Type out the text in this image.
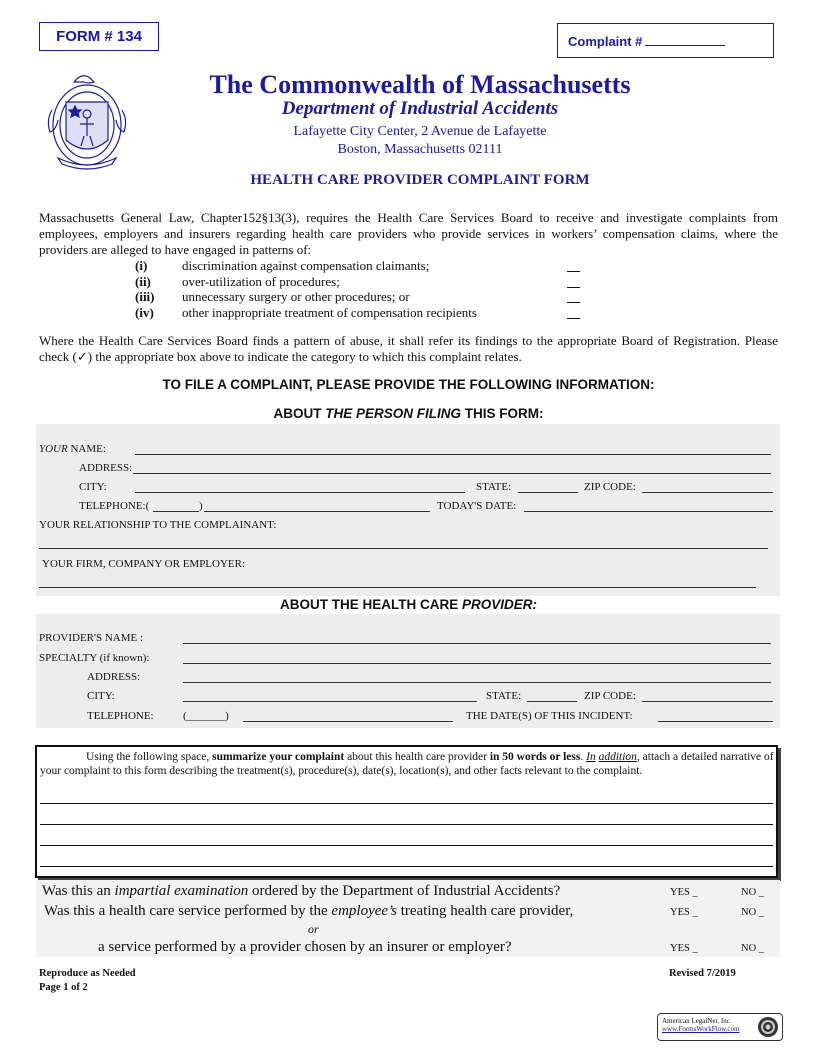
FORM # 134	Complaint #
The Commonwealth of Massachusetts
Department of Industrial Accidents
Lafayette City Center, 2 Avenue de Lafayette
Boston, Massachusetts 02111
HEALTH CARE PROVIDER COMPLAINT FORM
Massachusetts General Law, Chapter152§13(3), requires the Health Care Services Board to receive and investigate complaints from employees, employers and insurers regarding health care providers who provide services in workers’ compensation claims, where the providers are alleged to have engaged in patterns of:
(i)	discrimination against compensation claimants;
(ii) over-utilization of procedures;
(iii) unnecessary surgery or other procedures; or
(iv) other inappropriate treatment of compensation recipients
Where the Health Care Services Board finds a pattern of abuse, it shall refer its findings to the appropriate Board of Registration. Please check (✓) the appropriate box above to indicate the category to which this complaint relates.
TO FILE A COMPLAINT, PLEASE PROVIDE THE FOLLOWING INFORMATION:
ABOUT THE PERSON FILING THIS FORM:
YOUR NAME:
ADDRESS:
CITY:	STATE:	ZIP CODE:
TELEPHONE:(	)	TODAY'S DATE:
YOUR RELATIONSHIP TO THE COMPLAINANT:
YOUR FIRM, COMPANY OR EMPLOYER:
ABOUT THE HEALTH CARE PROVIDER:
PROVIDER'S NAME :
SPECIALTY (if known):
ADDRESS:
CITY:	STATE:	ZIP CODE:
TELEPHONE:	(_______)	THE DATE(S) OF THIS INCIDENT:
Using the following space, summarize your complaint about this health care provider in 50 words or less. In addition, attach a detailed narrative of your complaint to this form describing the treatment(s), procedure(s), date(s), location(s), and other facts relevant to the complaint.
Was this an impartial examination ordered by the Department of Industrial Accidents?	YES _	NO _
Was this a health care service performed by the employee’s treating health care provider,	YES _	NO _
or
a service performed by a provider chosen by an insurer or employer?	YES _	NO _
Reproduce as Needed
Page 1 of 2
Revised 7/2019
American LegalNet, Inc.
www.FormsWorkFlow.com
